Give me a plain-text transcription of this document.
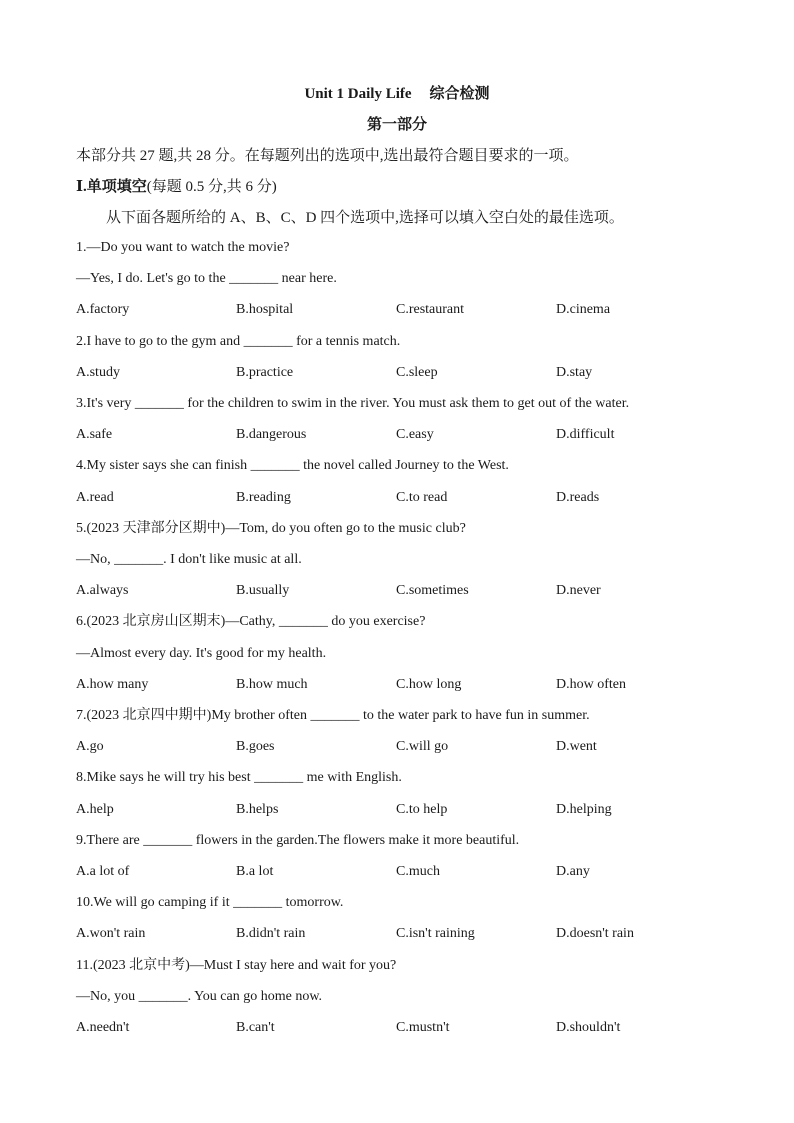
Unit 1 Daily Life 综合检测
第一部分
本部分共 27 题,共 28 分。在每题列出的选项中,选出最符合题目要求的一项。
Ⅰ.单项填空(每题 0.5 分,共 6 分)
从下面各题所给的 A、B、C、D 四个选项中,选择可以填入空白处的最佳选项。
1.—Do you want to watch the movie?
—Yes, I do. Let's go to the _______ near here.
A.factory	B.hospital	C.restaurant	D.cinema
2.I have to go to the gym and _______ for a tennis match.
A.study	B.practice	C.sleep	D.stay
3.It's very _______ for the children to swim in the river. You must ask them to get out of the water.
A.safe	B.dangerous	C.easy	D.difficult
4.My sister says she can finish _______ the novel called Journey to the West.
A.read	B.reading	C.to read	D.reads
5.(2023 天津部分区期中)—Tom, do you often go to the music club?
—No, _______. I don't like music at all.
A.always	B.usually	C.sometimes	D.never
6.(2023 北京房山区期末)—Cathy, _______ do you exercise?
—Almost every day. It's good for my health.
A.how many	B.how much	C.how long	D.how often
7.(2023 北京四中期中)My brother often _______ to the water park to have fun in summer.
A.go	B.goes	C.will go	D.went
8.Mike says he will try his best _______ me with English.
A.help	B.helps	C.to help	D.helping
9.There are _______ flowers in the garden.The flowers make it more beautiful.
A.a lot of	B.a lot	C.much	D.any
10.We will go camping if it _______ tomorrow.
A.won't rain	B.didn't rain	C.isn't raining	D.doesn't rain
11.(2023 北京中考)—Must I stay here and wait for you?
—No, you _______. You can go home now.
A.needn't	B.can't	C.mustn't	D.shouldn't
